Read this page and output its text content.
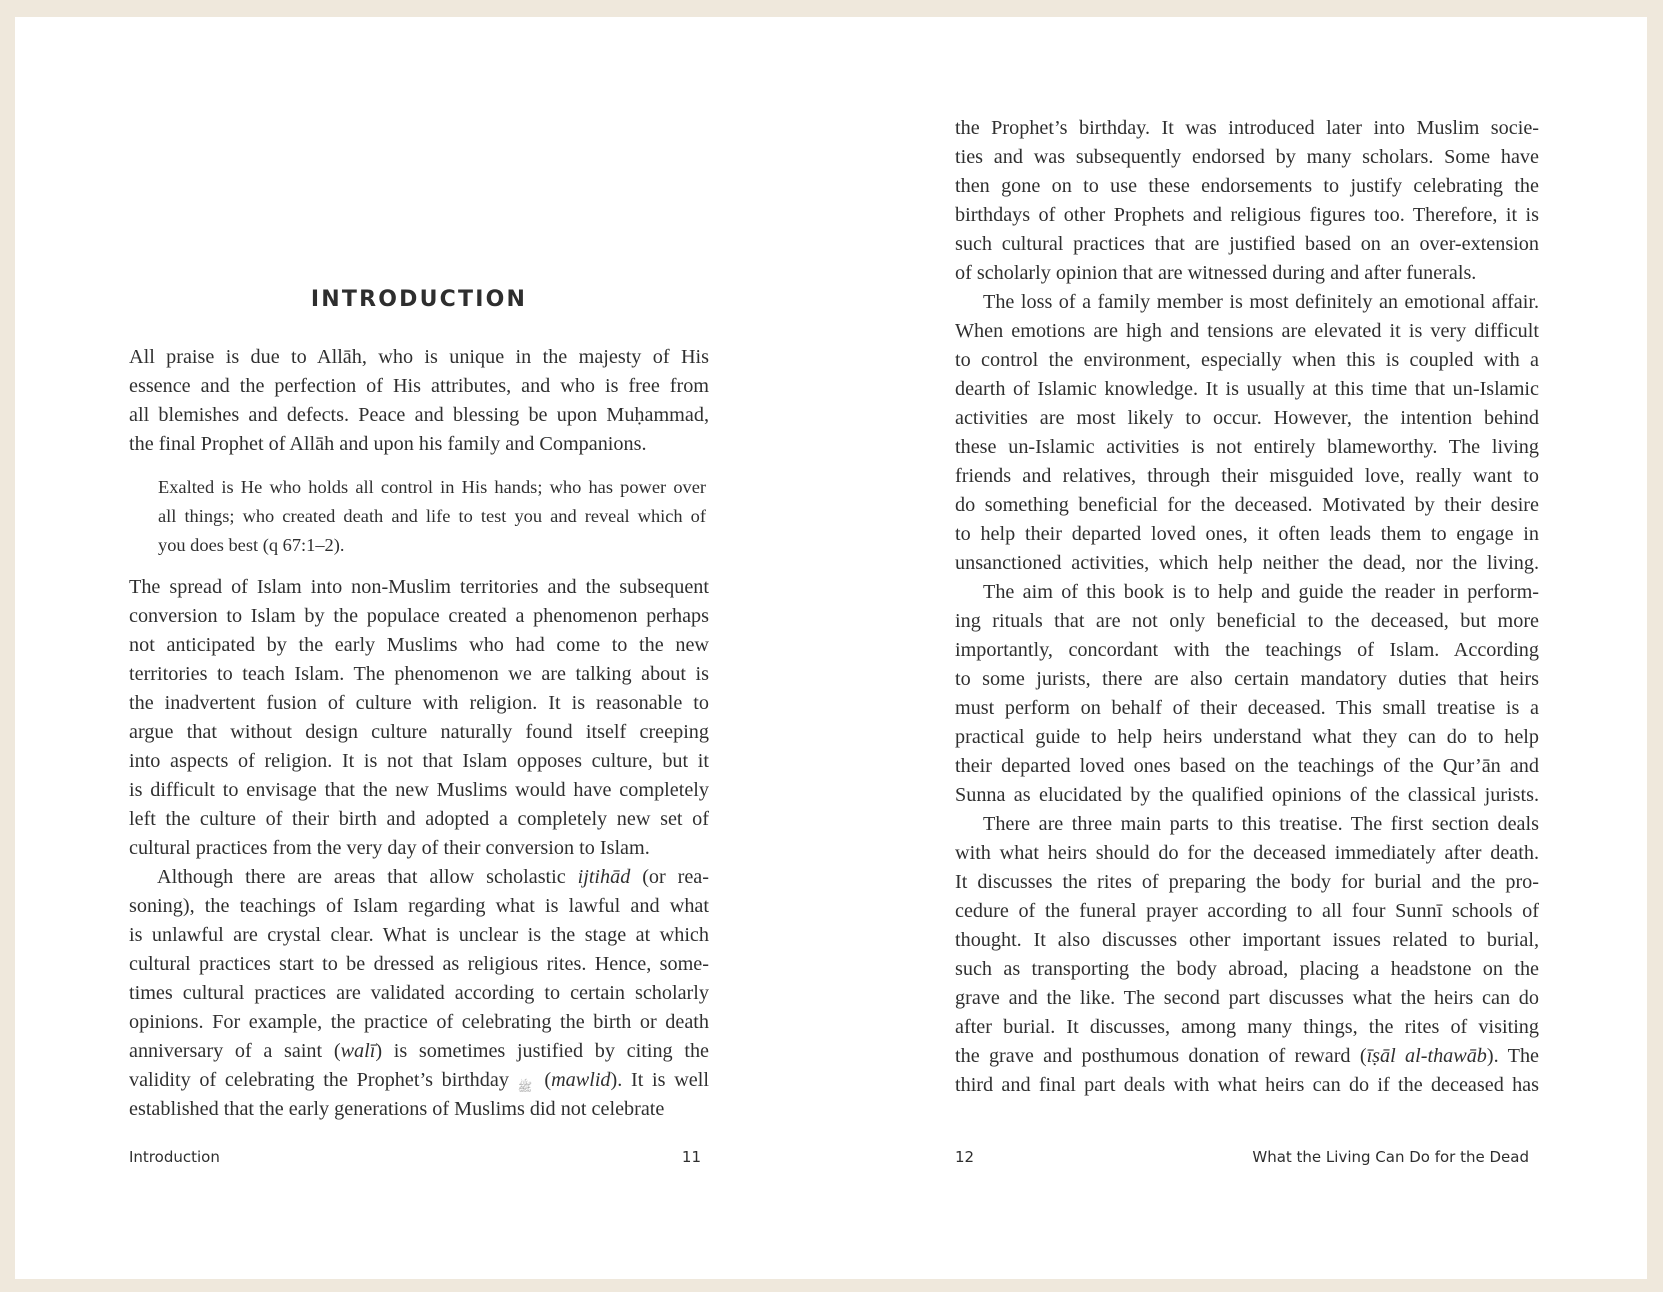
INTRODUCTION
All praise is due to Allāh, who is unique in the majesty of His
essence and the perfection of His attributes, and who is free from
all blemishes and defects. Peace and blessing be upon Muḥammad,
the final Prophet of Allāh and upon his family and Companions.
Exalted is He who holds all control in His hands; who has power over
all things; who created death and life to test you and reveal which of
you does best (q 67:1–2).
The spread of Islam into non-Muslim territories and the subsequent
conversion to Islam by the populace created a phenomenon perhaps
not anticipated by the early Muslims who had come to the new
territories to teach Islam. The phenomenon we are talking about is
the inadvertent fusion of culture with religion. It is reasonable to
argue that without design culture naturally found itself creeping
into aspects of religion. It is not that Islam opposes culture, but it
is difficult to envisage that the new Muslims would have completely
left the culture of their birth and adopted a completely new set of
cultural practices from the very day of their conversion to Islam.
Although there are areas that allow scholastic ijtihād (or rea-
soning), the teachings of Islam regarding what is lawful and what
is unlawful are crystal clear. What is unclear is the stage at which
cultural practices start to be dressed as religious rites. Hence, some-
times cultural practices are validated according to certain scholarly
opinions. For example, the practice of celebrating the birth or death
anniversary of a saint (walī) is sometimes justified by citing the
validity of celebrating the Prophet’s birthday ﷺ (mawlid). It is well
established that the early generations of Muslims did not celebrate
Introduction	11
the Prophet’s birthday. It was introduced later into Muslim socie-
ties and was subsequently endorsed by many scholars. Some have
then gone on to use these endorsements to justify celebrating the
birthdays of other Prophets and religious figures too. Therefore, it is
such cultural practices that are justified based on an over-extension
of scholarly opinion that are witnessed during and after funerals.
The loss of a family member is most definitely an emotional affair.
When emotions are high and tensions are elevated it is very difficult
to control the environment, especially when this is coupled with a
dearth of Islamic knowledge. It is usually at this time that un-Islamic
activities are most likely to occur. However, the intention behind
these un-Islamic activities is not entirely blameworthy. The living
friends and relatives, through their misguided love, really want to
do something beneficial for the deceased. Motivated by their desire
to help their departed loved ones, it often leads them to engage in
unsanctioned activities, which help neither the dead, nor the living.
The aim of this book is to help and guide the reader in perform-
ing rituals that are not only beneficial to the deceased, but more
importantly, concordant with the teachings of Islam. According
to some jurists, there are also certain mandatory duties that heirs
must perform on behalf of their deceased. This small treatise is a
practical guide to help heirs understand what they can do to help
their departed loved ones based on the teachings of the Qur’ān and
Sunna as elucidated by the qualified opinions of the classical jurists.
There are three main parts to this treatise. The first section deals
with what heirs should do for the deceased immediately after death.
It discusses the rites of preparing the body for burial and the pro-
cedure of the funeral prayer according to all four Sunnī schools of
thought. It also discusses other important issues related to burial,
such as transporting the body abroad, placing a headstone on the
grave and the like. The second part discusses what the heirs can do
after burial. It discusses, among many things, the rites of visiting
the grave and posthumous donation of reward (īṣāl al-thawāb). The
third and final part deals with what heirs can do if the deceased has
12	What the Living Can Do for the Dead
